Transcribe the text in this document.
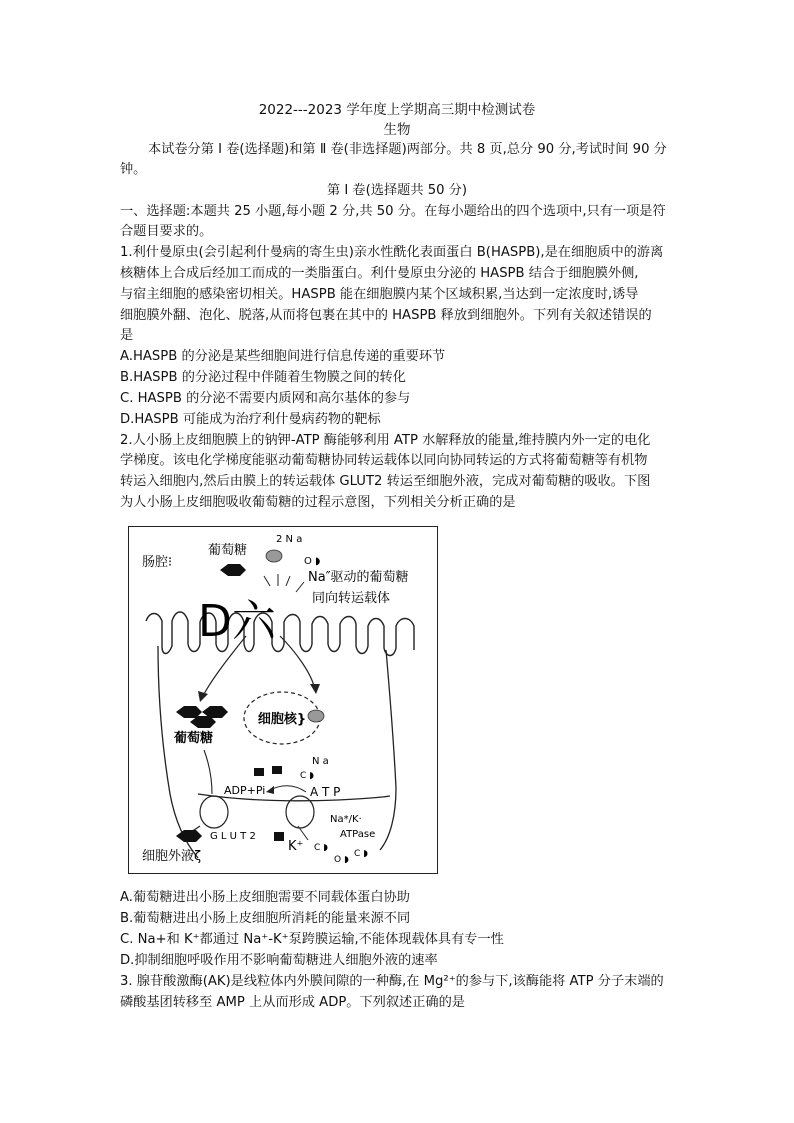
2022---2023 学年度上学期高三期中检测试卷
生物
本试卷分第 I 卷(选择题)和第 Ⅱ 卷(非选择题)两部分。共 8 页,总分 90 分,考试时间 90 分
钟。
第 I 卷(选择题共 50 分)
一、选择题:本题共 25 小题,每小题 2 分,共 50 分。在每小题给出的四个选项中,只有一项是符
合题目要求的。
1.利什曼原虫(会引起利什曼病的寄生虫)亲水性酰化表面蛋白 B(HASPB),是在细胞质中的游离
核糖体上合成后经加工而成的一类脂蛋白。利什曼原虫分泌的 HASPB 结合于细胞膜外侧,
与宿主细胞的感染密切相关。HASPB 能在细胞膜内某个区域积累,当达到一定浓度时,诱导
细胞膜外翻、泡化、脱落,从而将包裹在其中的 HASPB 释放到细胞外。下列有关叙述错误的
是
A.HASPB 的分泌是某些细胞间进行信息传递的重要环节
B.HASPB 的分泌过程中伴随着生物膜之间的转化
C. HASPB 的分泌不需要内质网和高尔基体的参与
D.HASPB 可能成为治疗利什曼病药物的靶标
2.人小肠上皮细胞膜上的钠钾-ATP 酶能够利用 ATP 水解释放的能量,维持膜内外一定的电化
学梯度。该电化学梯度能驱动葡萄糖协同转运载体以同向协同转运的方式将葡萄糖等有机物
转运入细胞内,然后由膜上的转运载体 GLUT2 转运至细胞外液，完成对葡萄糖的吸收。下图
为人小肠上皮细胞吸收葡萄糖的过程示意图，下列相关分析正确的是
细胞核}
肠腔⁝
葡萄糖
2 N a
O ◗
Na″驱动的葡萄糖
同向转运载体
D六
葡萄糖
N a
C ◗
ADP+Pi	A T P
Na*/K·
ATPase
G L U T 2
K⁺ C ◗
O ◗
C ◗
细胞外液ζ
A.葡萄糖进出小肠上皮细胞需要不同载体蛋白协助
B.葡萄糖进出小肠上皮细胞所消耗的能量来源不同
C. Na+和 K⁺都通过 Na⁺-K⁺泵跨膜运输,不能体现载体具有专一性
D.抑制细胞呼吸作用不影响葡萄糖进人细胞外液的速率
3. 腺苷酸激酶(AK)是线粒体内外膜间隙的一种酶,在 Mg²⁺的参与下,该酶能将 ATP 分子末端的
磷酸基团转移至 AMP 上从而形成 ADP。下列叙述正确的是
